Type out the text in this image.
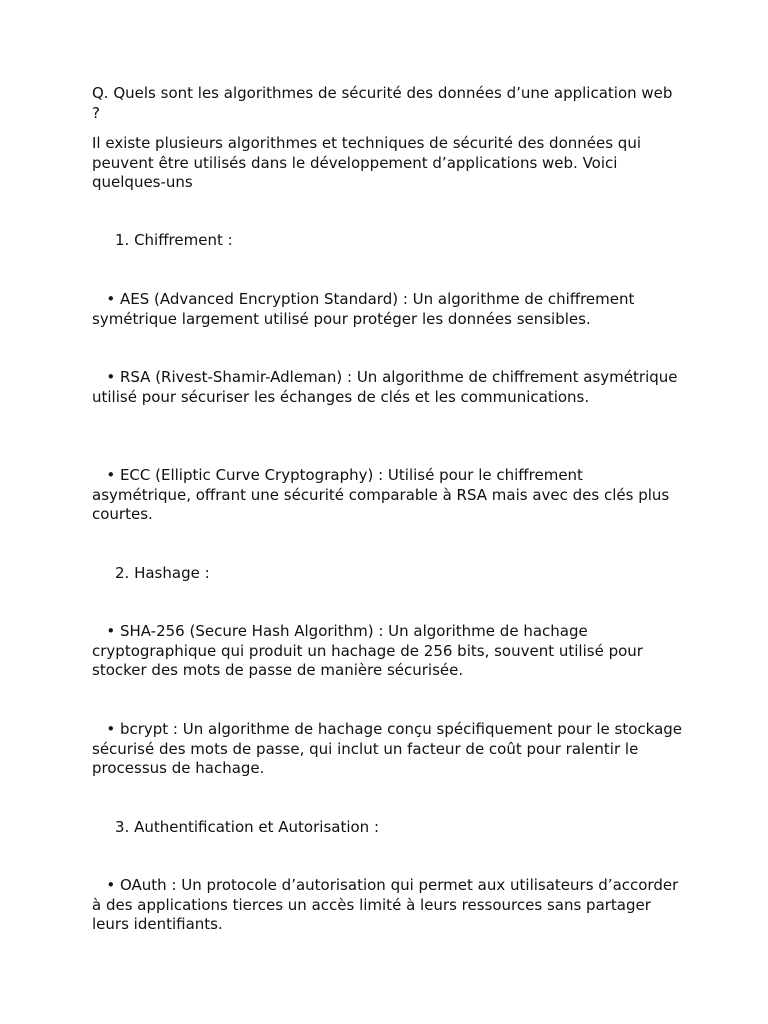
Q. Quels sont les algorithmes de sécurité des données d’une application web ?

Il existe plusieurs algorithmes et techniques de sécurité des données qui peuvent être utilisés dans le développement d’applications web. Voici quelques-uns

1. Chiffrement :

• AES (Advanced Encryption Standard) : Un algorithme de chiffrement symétrique largement utilisé pour protéger les données sensibles.

• RSA (Rivest-Shamir-Adleman) : Un algorithme de chiffrement asymétrique utilisé pour sécuriser les échanges de clés et les communications.

• ECC (Elliptic Curve Cryptography) : Utilisé pour le chiffrement asymétrique, offrant une sécurité comparable à RSA mais avec des clés plus courtes.

2. Hashage :

• SHA-256 (Secure Hash Algorithm) : Un algorithme de hachage cryptographique qui produit un hachage de 256 bits, souvent utilisé pour stocker des mots de passe de manière sécurisée.

• bcrypt : Un algorithme de hachage conçu spécifiquement pour le stockage sécurisé des mots de passe, qui inclut un facteur de coût pour ralentir le processus de hachage.

3. Authentification et Autorisation :

• OAuth : Un protocole d’autorisation qui permet aux utilisateurs d’accorder à des applications tierces un accès limité à leurs ressources sans partager leurs identifiants.
